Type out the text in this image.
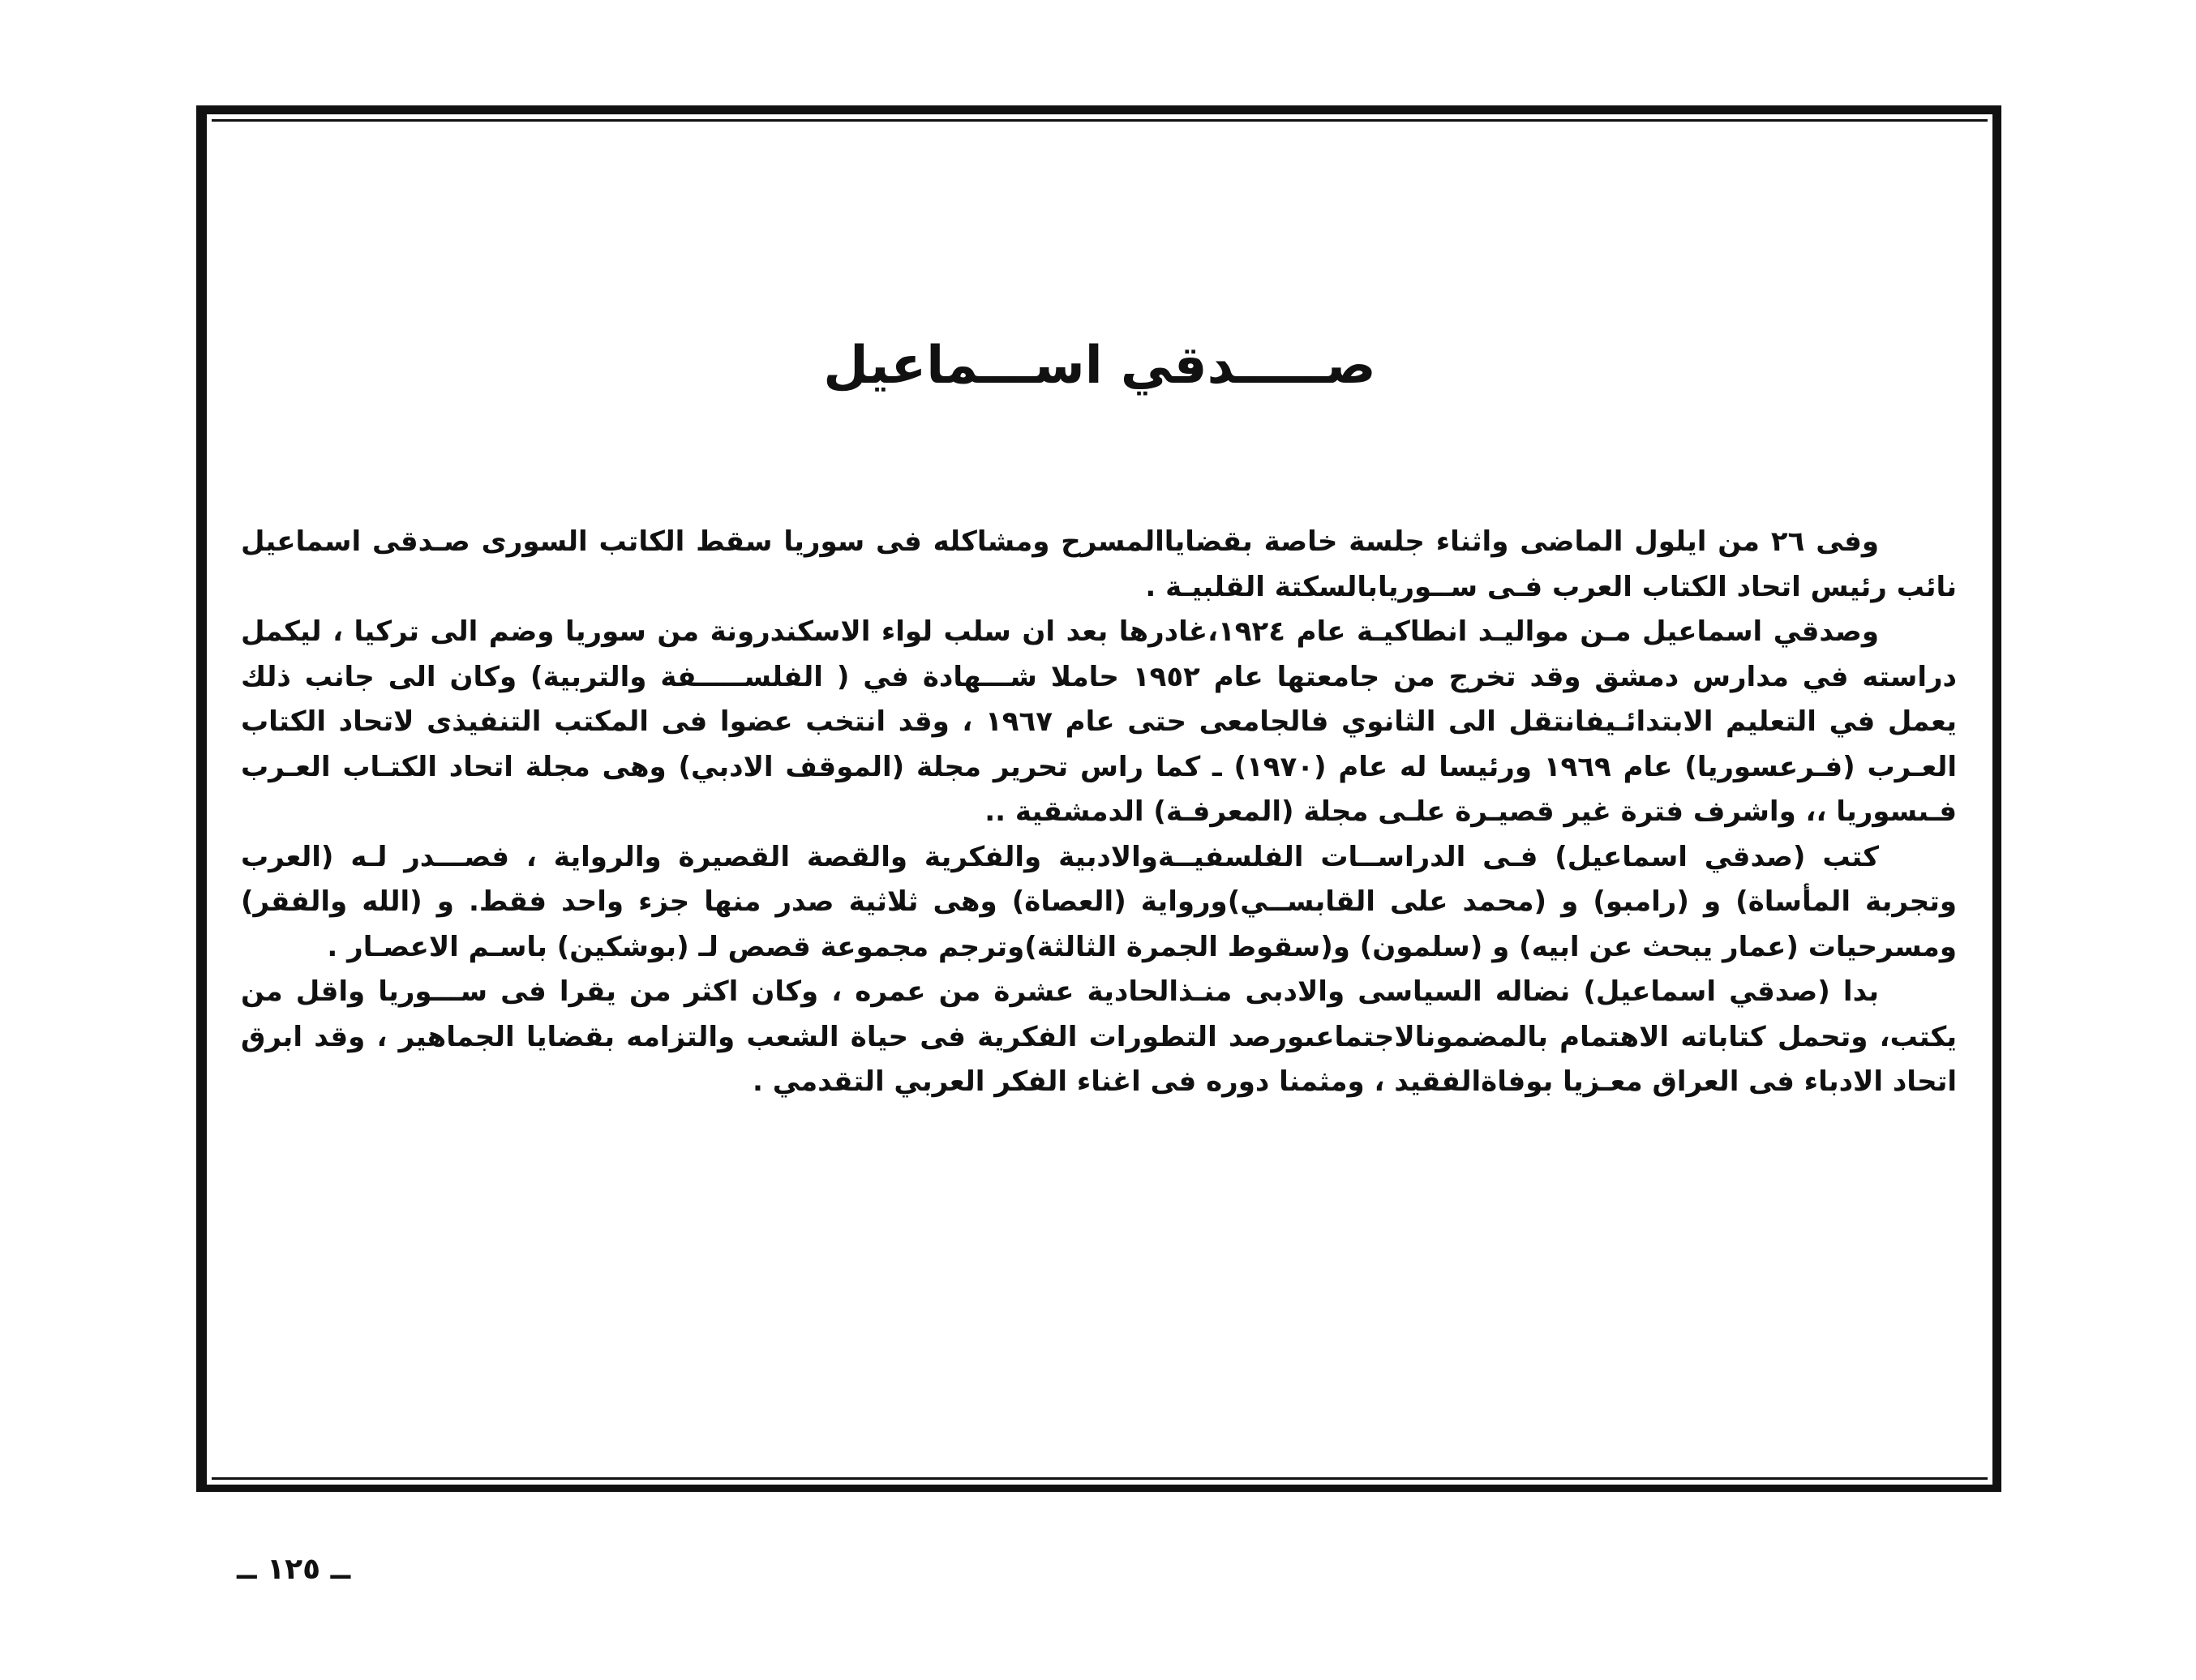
صـــــدقي اســـماعيل

وفى ٢٦ من ايلول الماضى واثناء جلسة خاصة بقضاياالمسرح ومشاكله فى سوريا سقط الكاتب السورى صـدقى اسماعيل نائب رئيس اتحاد الكتاب العرب فـى ســوريابالسكتة القلبيـة .

وصدقي اسماعيل مـن مواليـد انطاكيـة عام ١٩٢٤،غادرها بعد ان سلب لواء الاسكندرونة من سوريا وضم الى تركيا ، ليكمل دراسته في مدارس دمشق وقد تخرج من جامعتها عام ١٩٥٢ حاملا شـــهادة في ( الفلســـــفة والتربية) وكان الى جانب ذلك يعمل في التعليم الابتدائـيفانتقل الى الثانوي فالجامعى حتى عام ١٩٦٧ ، وقد انتخب عضوا فى المكتب التنفيذى لاتحاد الكتاب العـرب (فـرعسوريا) عام ١٩٦٩ ورئيسا له عام (١٩٧٠) ـ كما راس تحرير مجلة (الموقف الادبي) وهى مجلة اتحاد الكتـاب العـرب فـىسوريا ،، واشرف فترة غير قصيـرة علـى مجلة (المعرفـة) الدمشقية ..

كتب (صدقي اسماعيل) فـى الدراســات الفلسفيــةوالادبية والفكرية والقصة القصيرة والرواية ، فصـــدر لـه (العرب وتجربة المأساة) و (رامبو) و (محمد على القابســي)ورواية (العصاة) وهى ثلاثية صدر منها جزء واحد فقط. و (الله والفقر) ومسرحيات (عمار يبحث عن ابيه) و (سلمون) و(سقوط الجمرة الثالثة)وترجم مجموعة قصص لـ (بوشكين) باسـم الاعصـار .

بدا (صدقي اسماعيل) نضاله السياسى والادبى منـذالحادية عشرة من عمره ، وكان اكثر من يقرا فى ســـوريا واقل من يكتب، وتحمل كتاباته الاهتمام بالمضمونالاجتماعىورصد التطورات الفكرية فى حياة الشعب والتزامه بقضايا الجماهير ، وقد ابرق اتحاد الادباء فى العراق معـزيا بوفاةالفقيد ، ومثمنا دوره فى اغناء الفكر العربي التقدمي .

ــ ١٢٥ ــ
